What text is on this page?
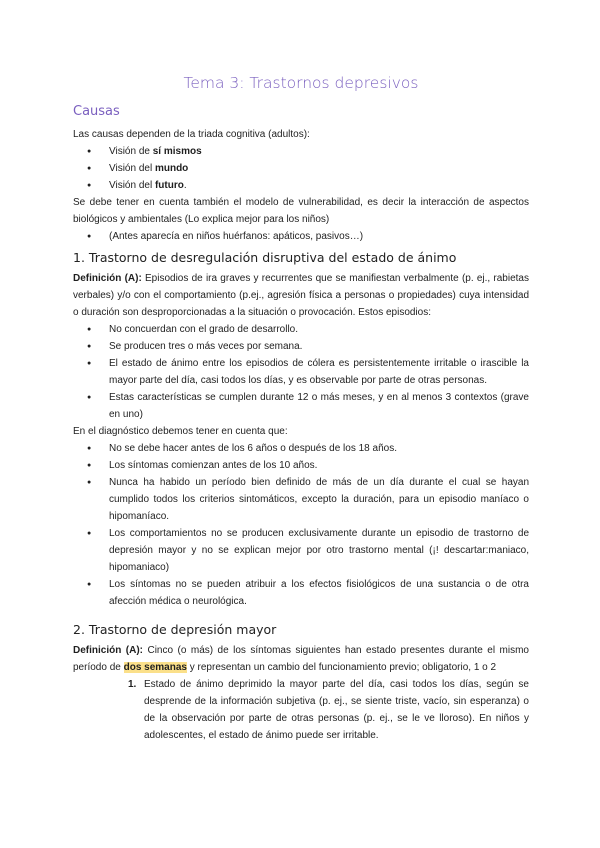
Tema 3: Trastornos depresivos
Causas

Las causas dependen de la triada cognitiva (adultos):

● Visión de sí mismos
● Visión del mundo
● Visión del futuro.

Se debe tener en cuenta también el modelo de vulnerabilidad, es decir la interacción de aspectos biológicos y ambientales (Lo explica mejor para los niños)

● (Antes aparecía en niños huérfanos: apáticos, pasivos…)
1. Trastorno de desregulación disruptiva del estado de ánimo

Definición (A): Episodios de ira graves y recurrentes que se manifiestan verbalmente (p. ej., rabietas verbales) y/o con el comportamiento (p.ej., agresión física a personas o propiedades) cuya intensidad o duración son desproporcionadas a la situación o provocación. Estos episodios:

● No concuerdan con el grado de desarrollo.
● Se producen tres o más veces por semana.
● El estado de ánimo entre los episodios de cólera es persistentemente irritable o irascible la mayor parte del día, casi todos los días, y es observable por parte de otras personas.
● Estas características se cumplen durante 12 o más meses, y en al menos 3 contextos (grave en uno)

En el diagnóstico debemos tener en cuenta que:

● No se debe hacer antes de los 6 años o después de los 18 años.
● Los síntomas comienzan antes de los 10 años.
● Nunca ha habido un período bien definido de más de un día durante el cual se hayan cumplido todos los criterios sintomáticos, excepto la duración, para un episodio maníaco o hipomaníaco.
● Los comportamientos no se producen exclusivamente durante un episodio de trastorno de depresión mayor y no se explican mejor por otro trastorno mental (¡! descartar:maniaco, hipomaniaco)
● Los síntomas no se pueden atribuir a los efectos fisiológicos de una sustancia o de otra afección médica o neurológica.
2. Trastorno de depresión mayor

Definición (A): Cinco (o más) de los síntomas siguientes han estado presentes durante el mismo período de dos semanas y representan un cambio del funcionamiento previo; obligatorio, 1 o 2

1. Estado de ánimo deprimido la mayor parte del día, casi todos los días, según se desprende de la información subjetiva (p. ej., se siente triste, vacío, sin esperanza) o de la observación por parte de otras personas (p. ej., se le ve lloroso). En niños y adolescentes, el estado de ánimo puede ser irritable.
